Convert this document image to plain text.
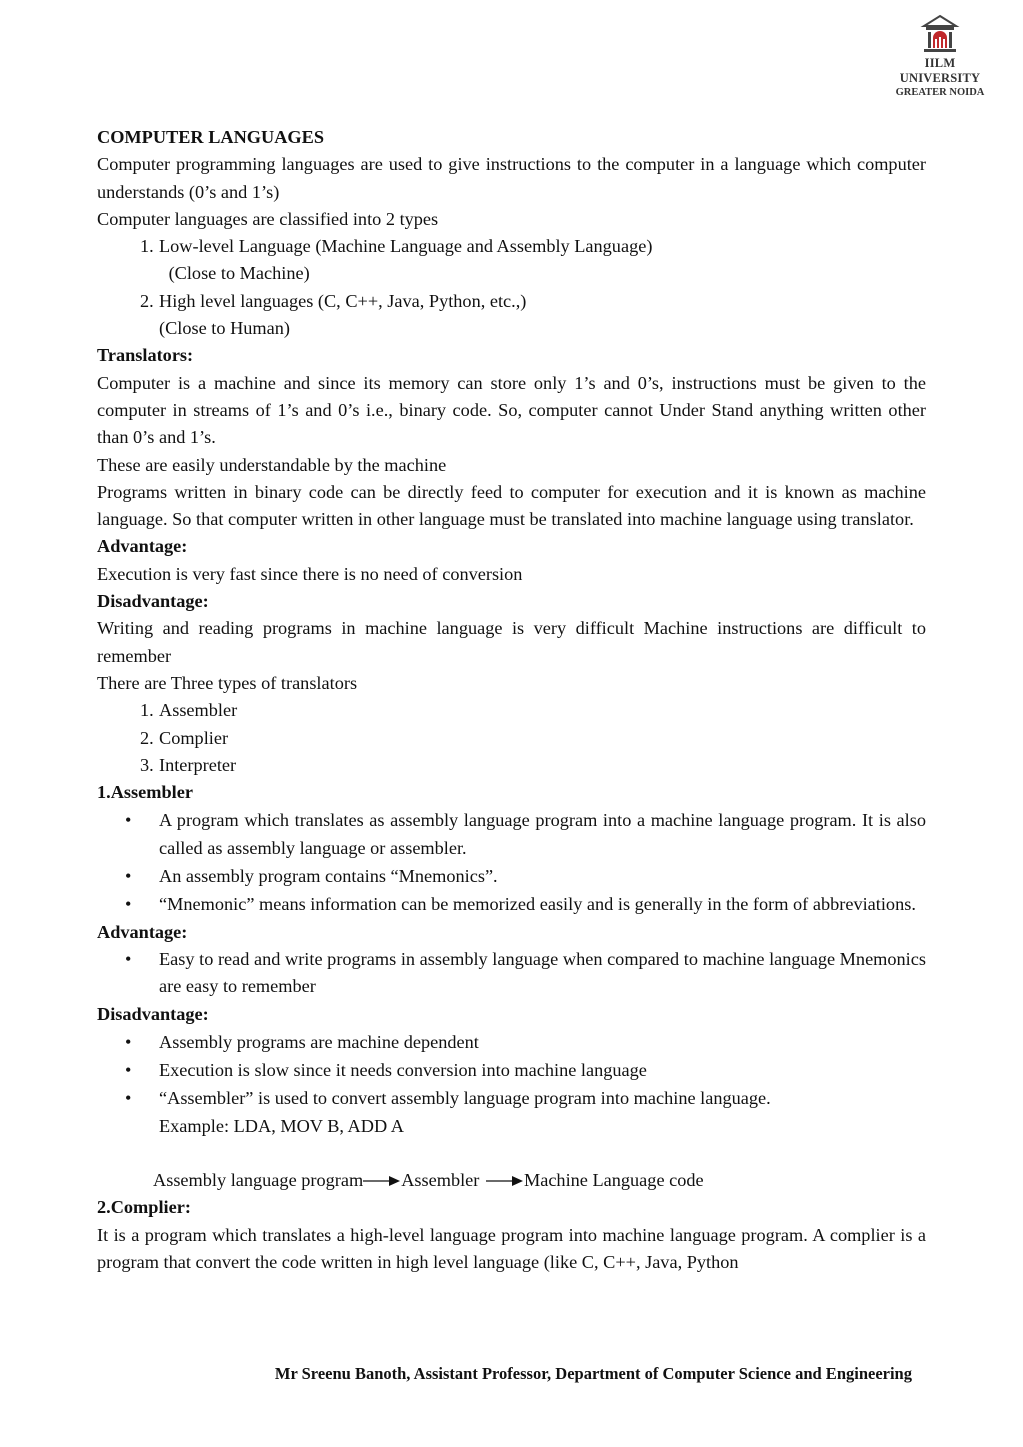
IILM UNIVERSITY
GREATER NOIDA

COMPUTER LANGUAGES

Computer programming languages are used to give instructions to the computer in a language which computer understands (0’s and 1’s)

Computer languages are classified into 2 types

1. Low-level Language (Machine Language and Assembly Language)
(Close to Machine)
2. High level languages (C, C++, Java, Python, etc.,)
(Close to Human)

Translators:

Computer is a machine and since its memory can store only 1’s and 0’s, instructions must be given to the computer in streams of 1’s and 0’s i.e., binary code. So, computer cannot Under Stand anything written other than 0’s and 1’s.

These are easily understandable by the machine

Programs written in binary code can be directly feed to computer for execution and it is known as machine language. So that computer written in other language must be translated into machine language using translator.

Advantage:

Execution is very fast since there is no need of conversion

Disadvantage:

Writing and reading programs in machine language is very difficult Machine instructions are difficult to remember

There are Three types of translators

1. Assembler
2. Complier
3. Interpreter

1.Assembler

• A program which translates as assembly language program into a machine language program. It is also called as assembly language or assembler.
• An assembly program contains “Mnemonics”.
• “Mnemonic” means information can be memorized easily and is generally in the form of abbreviations.

Advantage:

• Easy to read and write programs in assembly language when compared to machine language Mnemonics are easy to remember

Disadvantage:

• Assembly programs are machine dependent
• Execution is slow since it needs conversion into machine language
• “Assembler” is used to convert assembly language program into machine language.
Example: LDA, MOV B, ADD A
Assembly language program Assembler Machine Language code

2.Complier:

It is a program which translates a high-level language program into machine language program. A complier is a program that convert the code written in high level language (like C, C++, Java, Python

Mr Sreenu Banoth, Assistant Professor, Department of Computer Science and Engineering
